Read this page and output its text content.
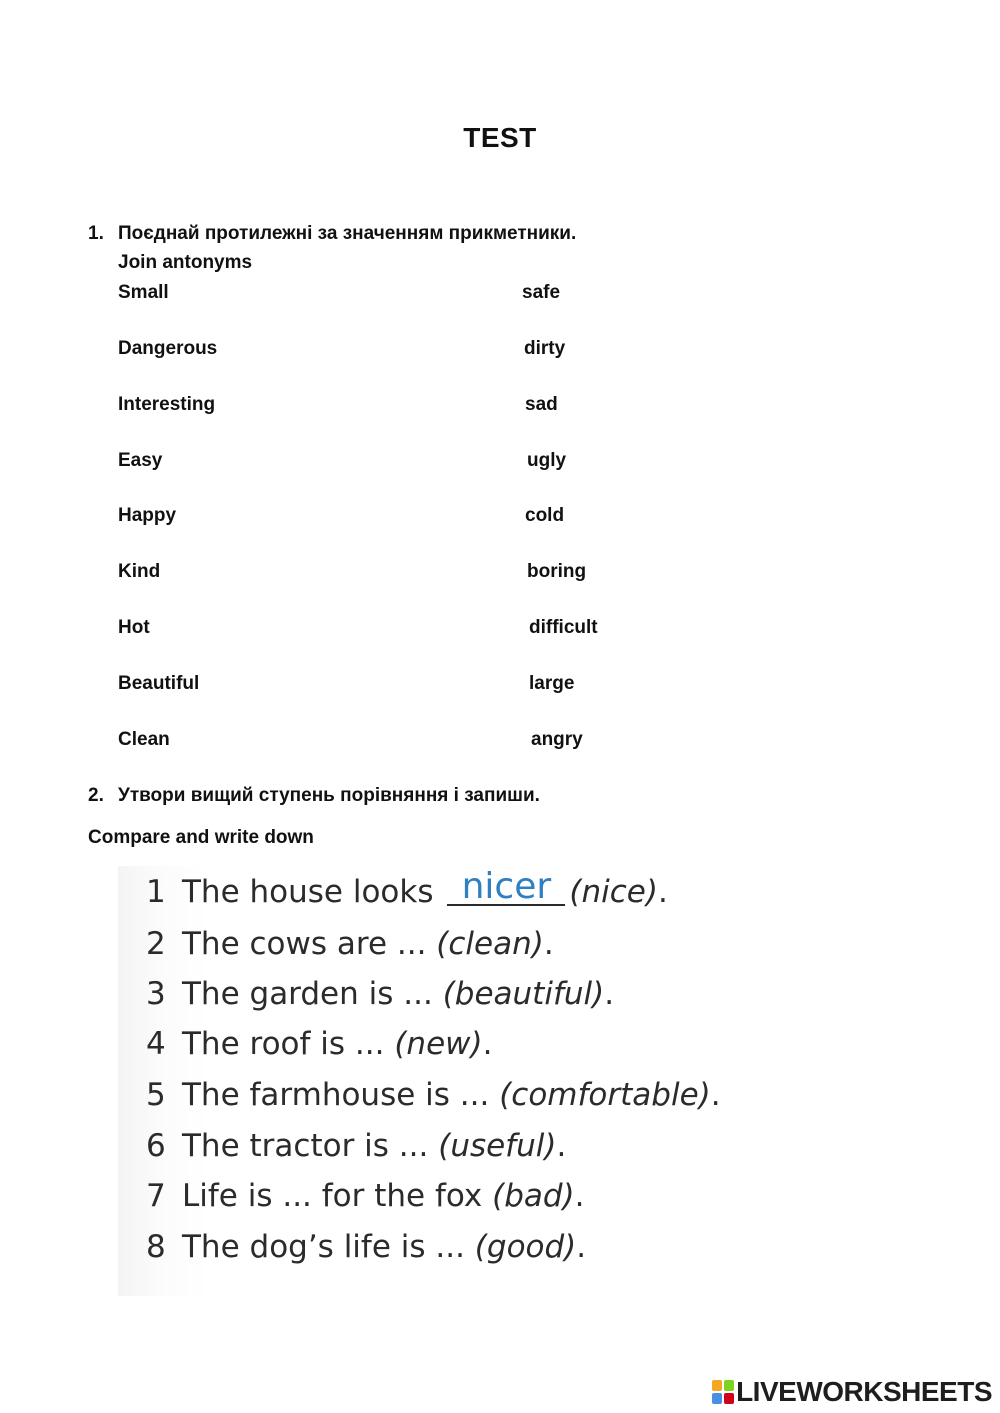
TEST
1. Поєднай протилежні за значенням прикметники.
Join antonyms
Small	safe
Dangerous	dirty
Interesting	sad
Easy	ugly
Happy	cold
Kind	boring
Hot	difficult
Beautiful	large
Clean	angry
2. Утвори вищий ступень порівняння і запиши.
Compare and write down
1 The house looks nicer (nice).
2 The cows are ... (clean).
3 The garden is ... (beautiful).
4 The roof is ... (new).
5 The farmhouse is ... (comfortable).
6 The tractor is ... (useful).
7 Life is ... for the fox (bad).
8 The dog’s life is ... (good).
LIVEWORKSHEETS
